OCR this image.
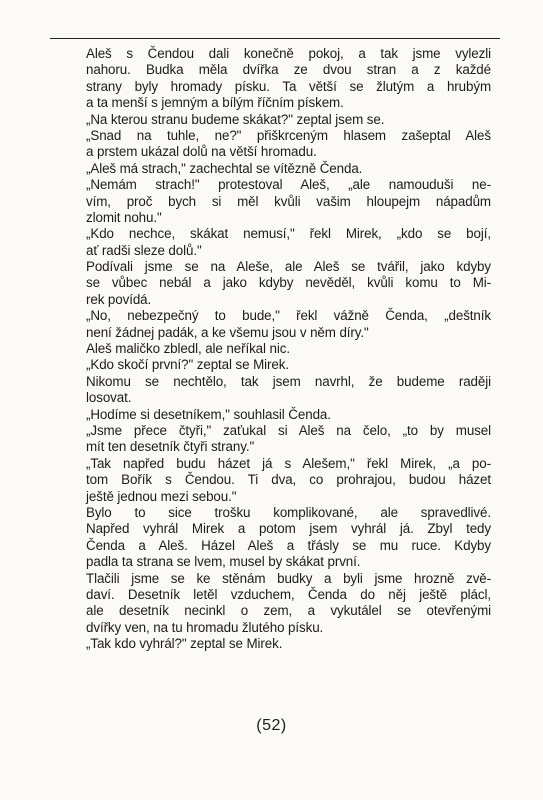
Aleš s Čendou dali konečně pokoj, a tak jsme vylezli
nahoru. Budka měla dvířka ze dvou stran a z každé
strany byly hromady písku. Ta větší se žlutým a hrubým
a ta menší s jemným a bílým říčním pískem.
„Na kterou stranu budeme skákat?" zeptal jsem se.
„Snad na tuhle, ne?" přiškrceným hlasem zašeptal Aleš
a prstem ukázal dolů na větší hromadu.
„Aleš má strach," zachechtal se vítězně Čenda.
„Nemám strach!" protestoval Aleš, „ale namouduši ne-
vím, proč bych si měl kvůli vašim hloupejm nápadům
zlomit nohu."
„Kdo nechce, skákat nemusí," řekl Mirek, „kdo se bojí,
ať radši sleze dolů."
Podívali jsme se na Aleše, ale Aleš se tvářil, jako kdyby
se vůbec nebál a jako kdyby nevěděl, kvůli komu to Mi-
rek povídá.
„No, nebezpečný to bude," řekl vážně Čenda, „deštník
není žádnej padák, a ke všemu jsou v něm díry."
Aleš maličko zbledl, ale neříkal nic.
„Kdo skočí první?" zeptal se Mirek.
Nikomu se nechtělo, tak jsem navrhl, že budeme raději
losovat.
„Hodíme si desetníkem," souhlasil Čenda.
„Jsme přece čtyři," zaťukal si Aleš na čelo, „to by musel
mít ten desetník čtyři strany."
„Tak napřed budu házet já s Alešem," řekl Mirek, „a po-
tom Bořík s Čendou. Ti dva, co prohrajou, budou házet
ještě jednou mezi sebou."
Bylo to sice trošku komplikované, ale spravedlivé.
Napřed vyhrál Mirek a potom jsem vyhrál já. Zbyl tedy
Čenda a Aleš. Házel Aleš a třásly se mu ruce. Kdyby
padla ta strana se lvem, musel by skákat první.
Tlačili jsme se ke stěnám budky a byli jsme hrozně zvě-
daví. Desetník letěl vzduchem, Čenda do něj ještě plácl,
ale desetník necinkl o zem, a vykutálel se otevřenými
dvířky ven, na tu hromadu žlutého písku.
„Tak kdo vyhrál?" zeptal se Mirek.
(52)
